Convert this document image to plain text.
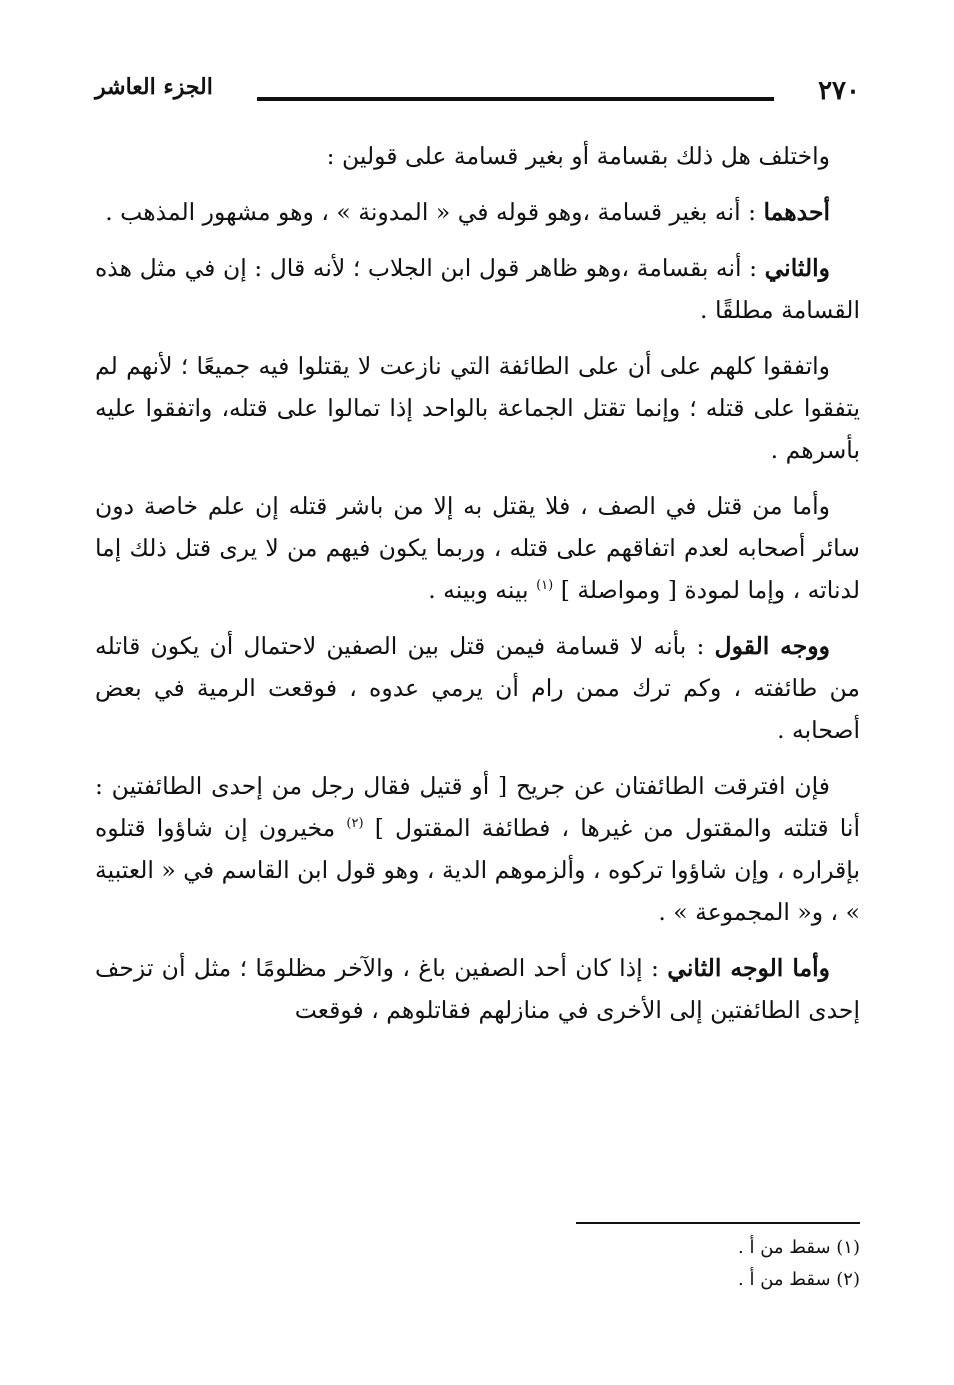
٢٧٠
الجزء العاشر

واختلف هل ذلك بقسامة أو بغير قسامة على قولين :

أحدهما : أنه بغير قسامة ،وهو قوله في « المدونة » ، وهو مشهور المذهب .

والثاني : أنه بقسامة ،وهو ظاهر قول ابن الجلاب ؛ لأنه قال : إن في مثل هذه القسامة مطلقًا .

واتفقوا كلهم على أن على الطائفة التي نازعت لا يقتلوا فيه جميعًا ؛ لأنهم لم يتفقوا على قتله ؛ وإنما تقتل الجماعة بالواحد إذا تمالوا على قتله، واتفقوا عليه بأسرهم .

وأما من قتل في الصف ، فلا يقتل به إلا من باشر قتله إن علم خاصة دون سائر أصحابه لعدم اتفاقهم على قتله ، وربما يكون فيهم من لا يرى قتل ذلك إما لدناته ، وإما لمودة [ ومواصلة ] $^{(١)}$ بينه وبينه .

ووجه القول : بأنه لا قسامة فيمن قتل بين الصفين لاحتمال أن يكون قاتله من طائفته ، وكم ترك ممن رام أن يرمي عدوه ، فوقعت الرمية في بعض أصحابه .

فإن افترقت الطائفتان عن جريح [ أو قتيل فقال رجل من إحدى الطائفتين : أنا قتلته والمقتول من غيرها ، فطائفة المقتول ] $^{(٢)}$ مخيرون إن شاؤوا قتلوه بإقراره ، وإن شاؤوا تركوه ، وألزموهم الدية ، وهو قول ابن القاسم في « العتبية » ، و« المجموعة » .

وأما الوجه الثاني : إذا كان أحد الصفين باغ ، والآخر مظلومًا ؛ مثل أن تزحف إحدى الطائفتين إلى الأخرى في منازلهم فقاتلوهم ، فوقعت

(١) سقط من أ .
(٢) سقط من أ .
